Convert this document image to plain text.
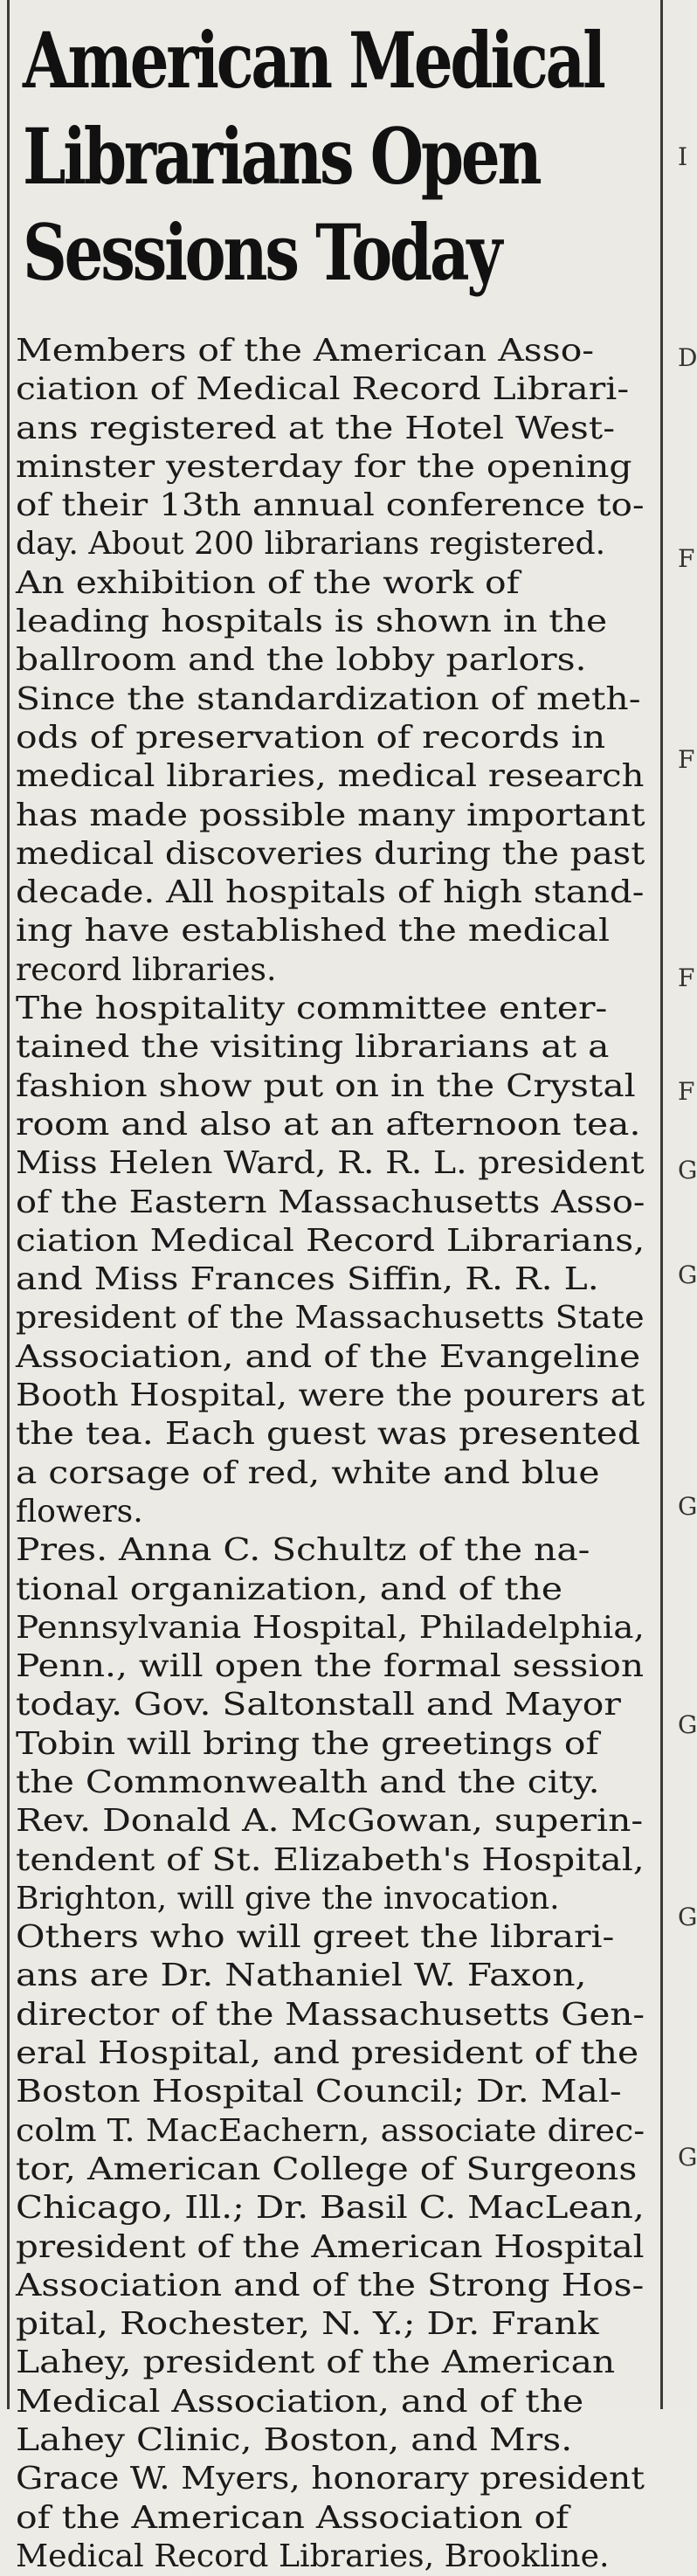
I
D
F
F
F
F
G
G
G
G
G
G
American Medical
Librarians Open
Sessions Today

Members of the American Asso-
ciation of Medical Record Librari-
ans registered at the Hotel West-
minster yesterday for the opening
of their 13th annual conference to-
day. About 200 librarians registered.

An exhibition of the work of
leading hospitals is shown in the
ballroom and the lobby parlors.
Since the standardization of meth-
ods of preservation of records in
medical libraries, medical research
has made possible many important
medical discoveries during the past
decade. All hospitals of high stand-
ing have established the medical
record libraries.

The hospitality committee enter-
tained the visiting librarians at a
fashion show put on in the Crystal
room and also at an afternoon tea.
Miss Helen Ward, R. R. L. president
of the Eastern Massachusetts Asso-
ciation Medical Record Librarians,
and Miss Frances Siffin, R. R. L.
president of the Massachusetts State
Association, and of the Evangeline
Booth Hospital, were the pourers at
the tea. Each guest was presented
a corsage of red, white and blue
flowers.

Pres. Anna C. Schultz of the na-
tional organization, and of the
Pennsylvania Hospital, Philadelphia,
Penn., will open the formal session
today. Gov. Saltonstall and Mayor
Tobin will bring the greetings of
the Commonwealth and the city.
Rev. Donald A. McGowan, superin-
tendent of St. Elizabeth's Hospital,
Brighton, will give the invocation.

Others who will greet the librari-
ans are Dr. Nathaniel W. Faxon,
director of the Massachusetts Gen-
eral Hospital, and president of the
Boston Hospital Council; Dr. Mal-
colm T. MacEachern, associate direc-
tor, American College of Surgeons
Chicago, Ill.; Dr. Basil C. MacLean,
president of the American Hospital
Association and of the Strong Hos-
pital, Rochester, N. Y.; Dr. Frank
Lahey, president of the American
Medical Association, and of the
Lahey Clinic, Boston, and Mrs.
Grace W. Myers, honorary president
of the American Association of
Medical Record Libraries, Brookline.
